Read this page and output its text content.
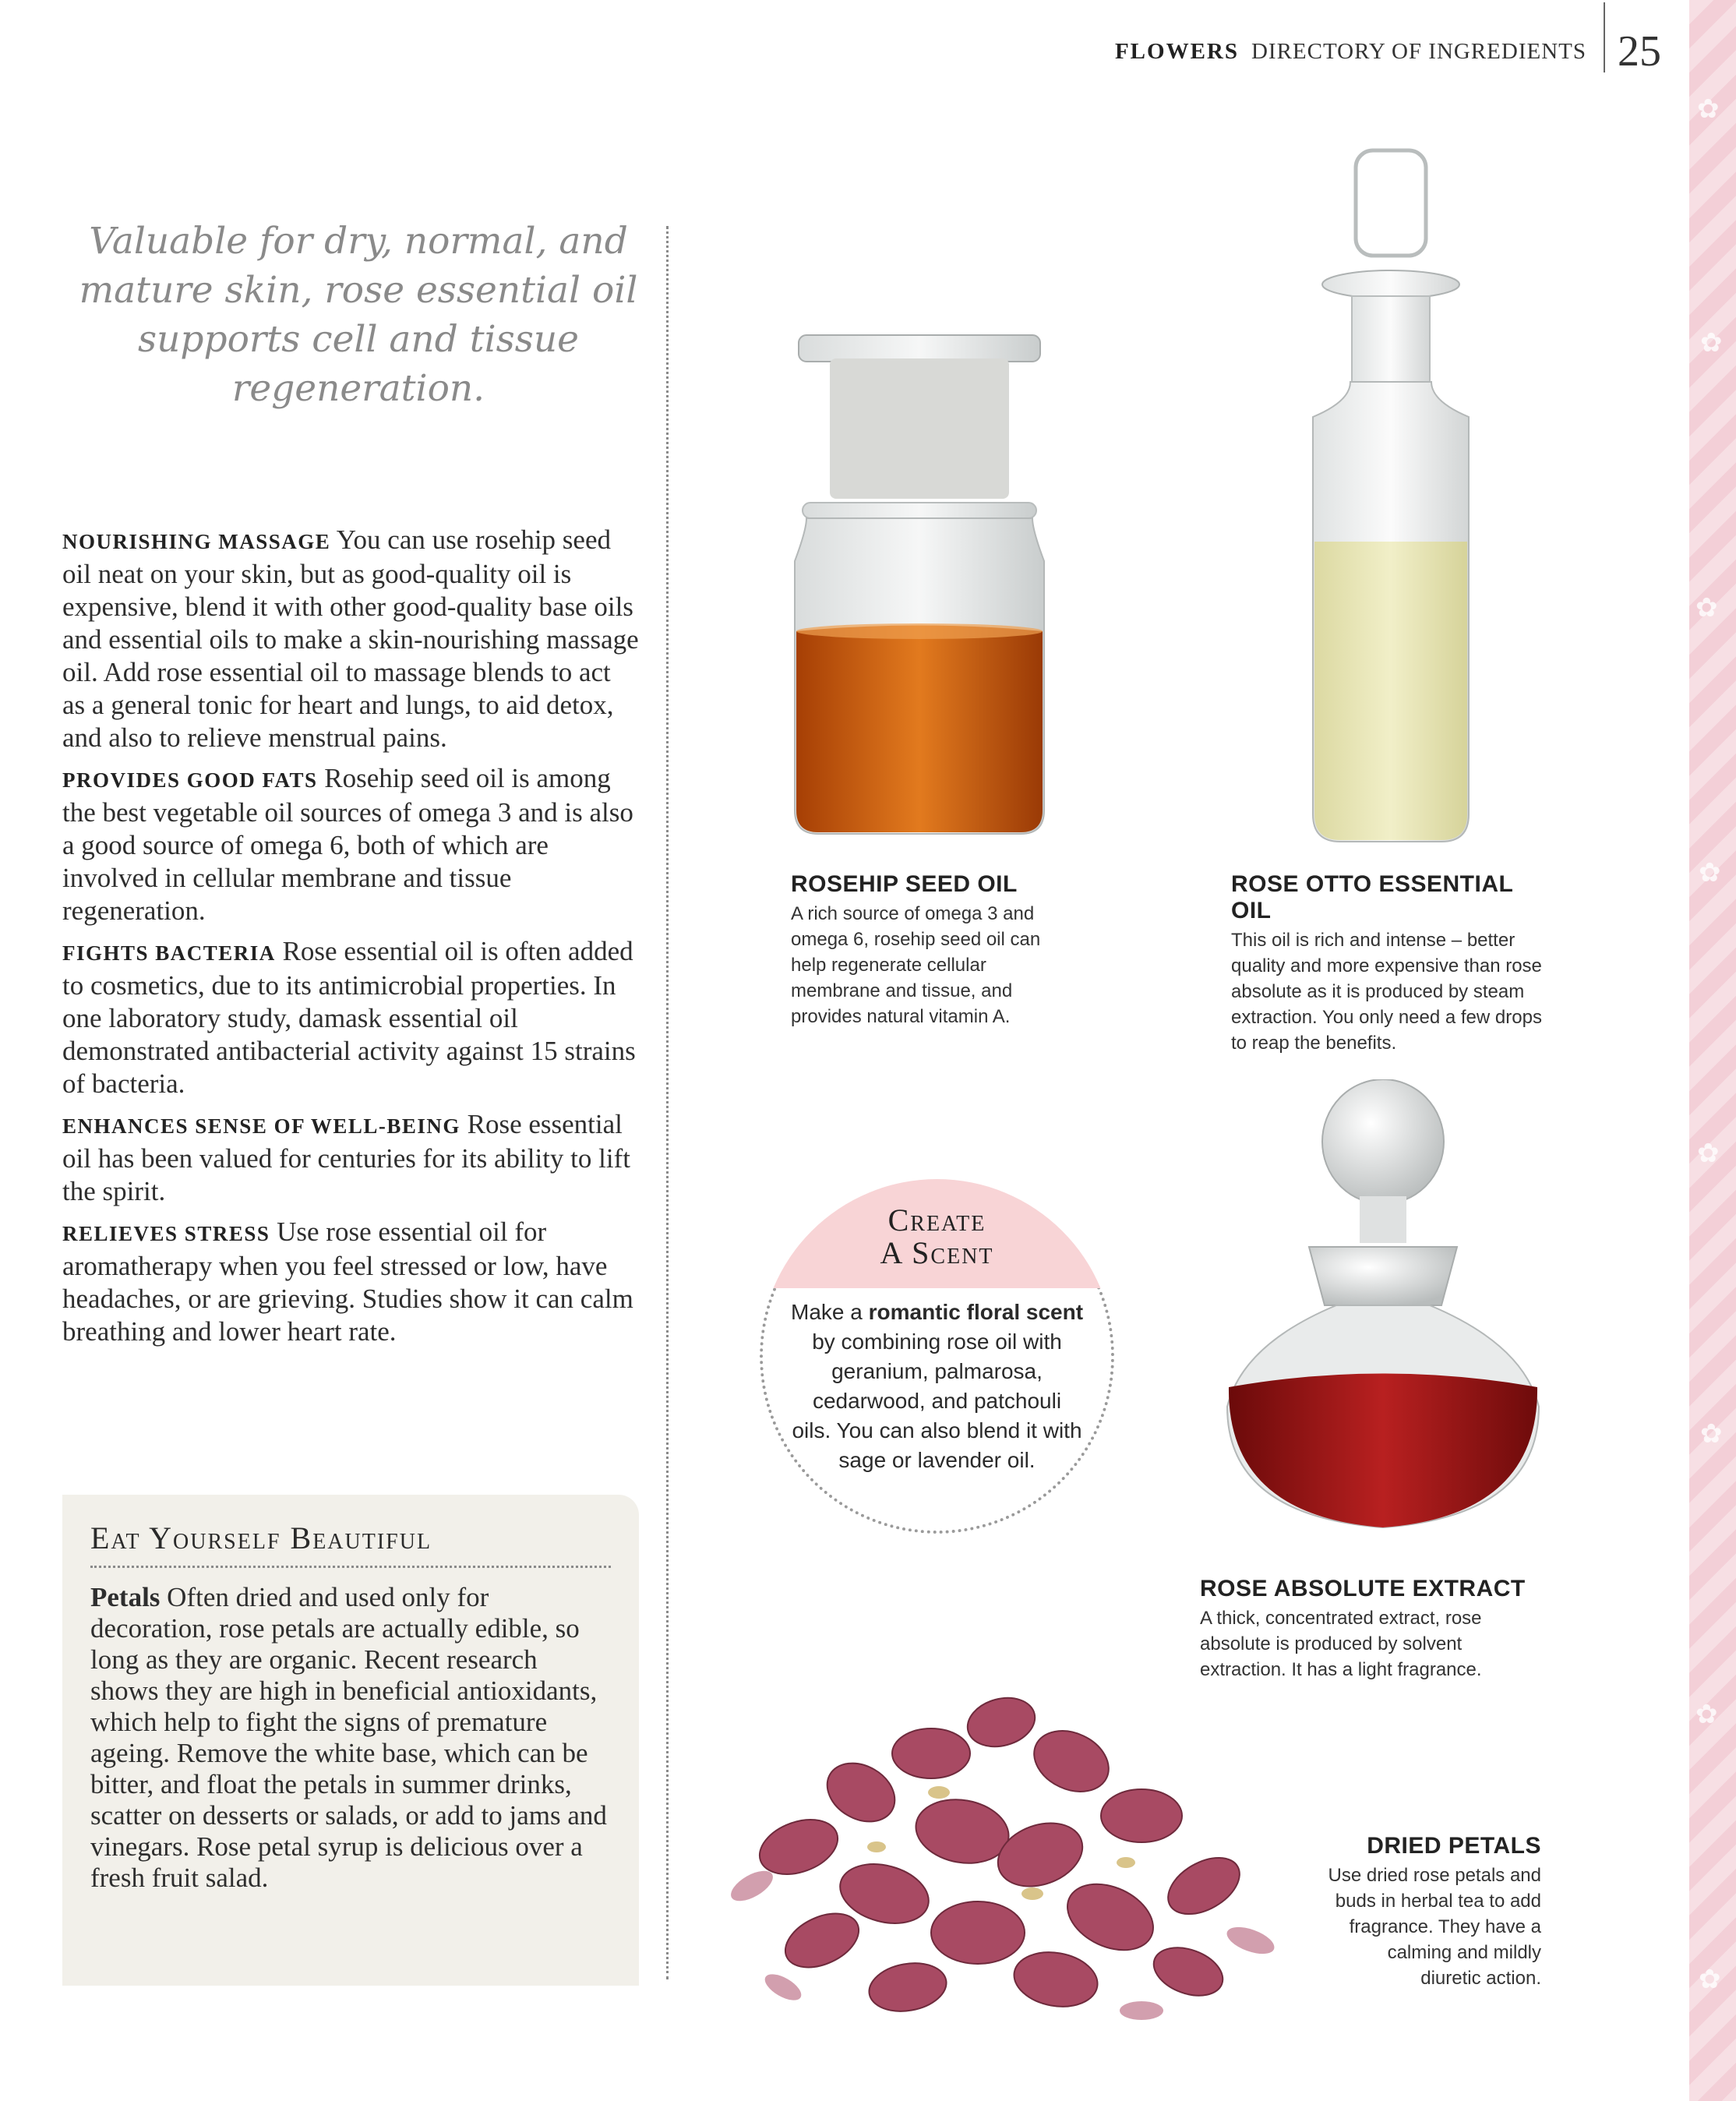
✿
✿
✿
✿
✿
✿
✿
✿
FLOWERS DIRECTORY OF INGREDIENTS 25
Valuable for dry, normal, and mature skin, rose essential oil supports cell and tissue regeneration.

NOURISHING MASSAGE You can use rosehip seed oil neat on your skin, but as good-quality oil is expensive, blend it with other good-quality base oils and essential oils to make a skin-nourishing massage oil. Add rose essential oil to massage blends to act as a general tonic for heart and lungs, to aid detox, and also to relieve menstrual pains.

PROVIDES GOOD FATS Rosehip seed oil is among the best vegetable oil sources of omega 3 and is also a good source of omega 6, both of which are involved in cellular membrane and tissue regeneration.

FIGHTS BACTERIA Rose essential oil is often added to cosmetics, due to its antimicrobial properties. In one laboratory study, damask essential oil demonstrated antibacterial activity against 15 strains of bacteria.

ENHANCES SENSE OF WELL-BEING Rose essential oil has been valued for centuries for its ability to lift the spirit.

RELIEVES STRESS Use rose essential oil for aromatherapy when you feel stressed or low, have headaches, or are grieving. Studies show it can calm breathing and lower heart rate.

Eat Yourself Beautiful

Petals Often dried and used only for decoration, rose petals are actually edible, so long as they are organic. Recent research shows they are high in beneficial antioxidants, which help to fight the signs of premature ageing. Remove the white base, which can be bitter, and float the petals in summer drinks, scatter on desserts or salads, or add to jams and vinegars. Rose petal syrup is delicious over a fresh fruit salad.

ROSEHIP SEED OIL
A rich source of omega 3 and omega 6, rosehip seed oil can help regenerate cellular membrane and tissue, and provides natural vitamin A.
ROSE OTTO ESSENTIAL OIL
This oil is rich and intense – better quality and more expensive than rose absolute as it is produced by steam extraction. You only need a few drops to reap the benefits.
ROSE ABSOLUTE EXTRACT
A thick, concentrated extract, rose absolute is produced by solvent extraction. It has a light fragrance.
DRIED PETALS
Use dried rose petals and buds in herbal tea to add fragrance. They have a calming and mildly diuretic action.
Create
A Scent
Make a romantic floral scent by combining rose oil with geranium, palmarosa, cedarwood, and patchouli oils. You can also blend it with sage or lavender oil.
